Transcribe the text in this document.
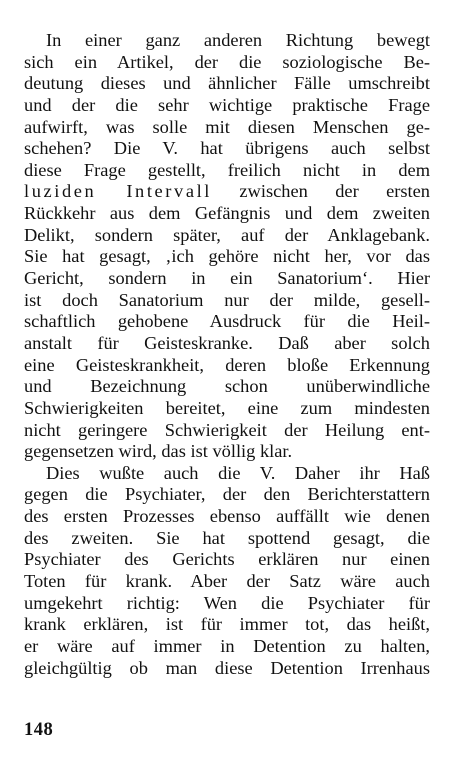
In einer ganz anderen Richtung bewegt
sich ein Artikel, der die soziologische Be-
deutung dieses und ähnlicher Fälle umschreibt
und der die sehr wichtige praktische Frage
aufwirft, was solle mit diesen Menschen ge-
schehen? Die V. hat übrigens auch selbst
diese Frage gestellt, freilich nicht in dem
luziden Intervall zwischen der ersten
Rückkehr aus dem Gefängnis und dem zweiten
Delikt, sondern später, auf der Anklagebank.
Sie hat gesagt, ‚ich gehöre nicht her, vor das
Gericht, sondern in ein Sanatorium‘. Hier
ist doch Sanatorium nur der milde, gesell-
schaftlich gehobene Ausdruck für die Heil-
anstalt für Geisteskranke. Daß aber solch
eine Geisteskrankheit, deren bloße Erkennung
und Bezeichnung schon unüberwindliche
Schwierigkeiten bereitet, eine zum mindesten
nicht geringere Schwierigkeit der Heilung ent-
gegensetzen wird, das ist völlig klar.

Dies wußte auch die V. Daher ihr Haß
gegen die Psychiater, der den Berichterstattern
des ersten Prozesses ebenso auffällt wie denen
des zweiten. Sie hat spottend gesagt, die
Psychiater des Gerichts erklären nur einen
Toten für krank. Aber der Satz wäre auch
umgekehrt richtig: Wen die Psychiater für
krank erklären, ist für immer tot, das heißt,
er wäre auf immer in Detention zu halten,
gleichgültig ob man diese Detention Irrenhaus

148
